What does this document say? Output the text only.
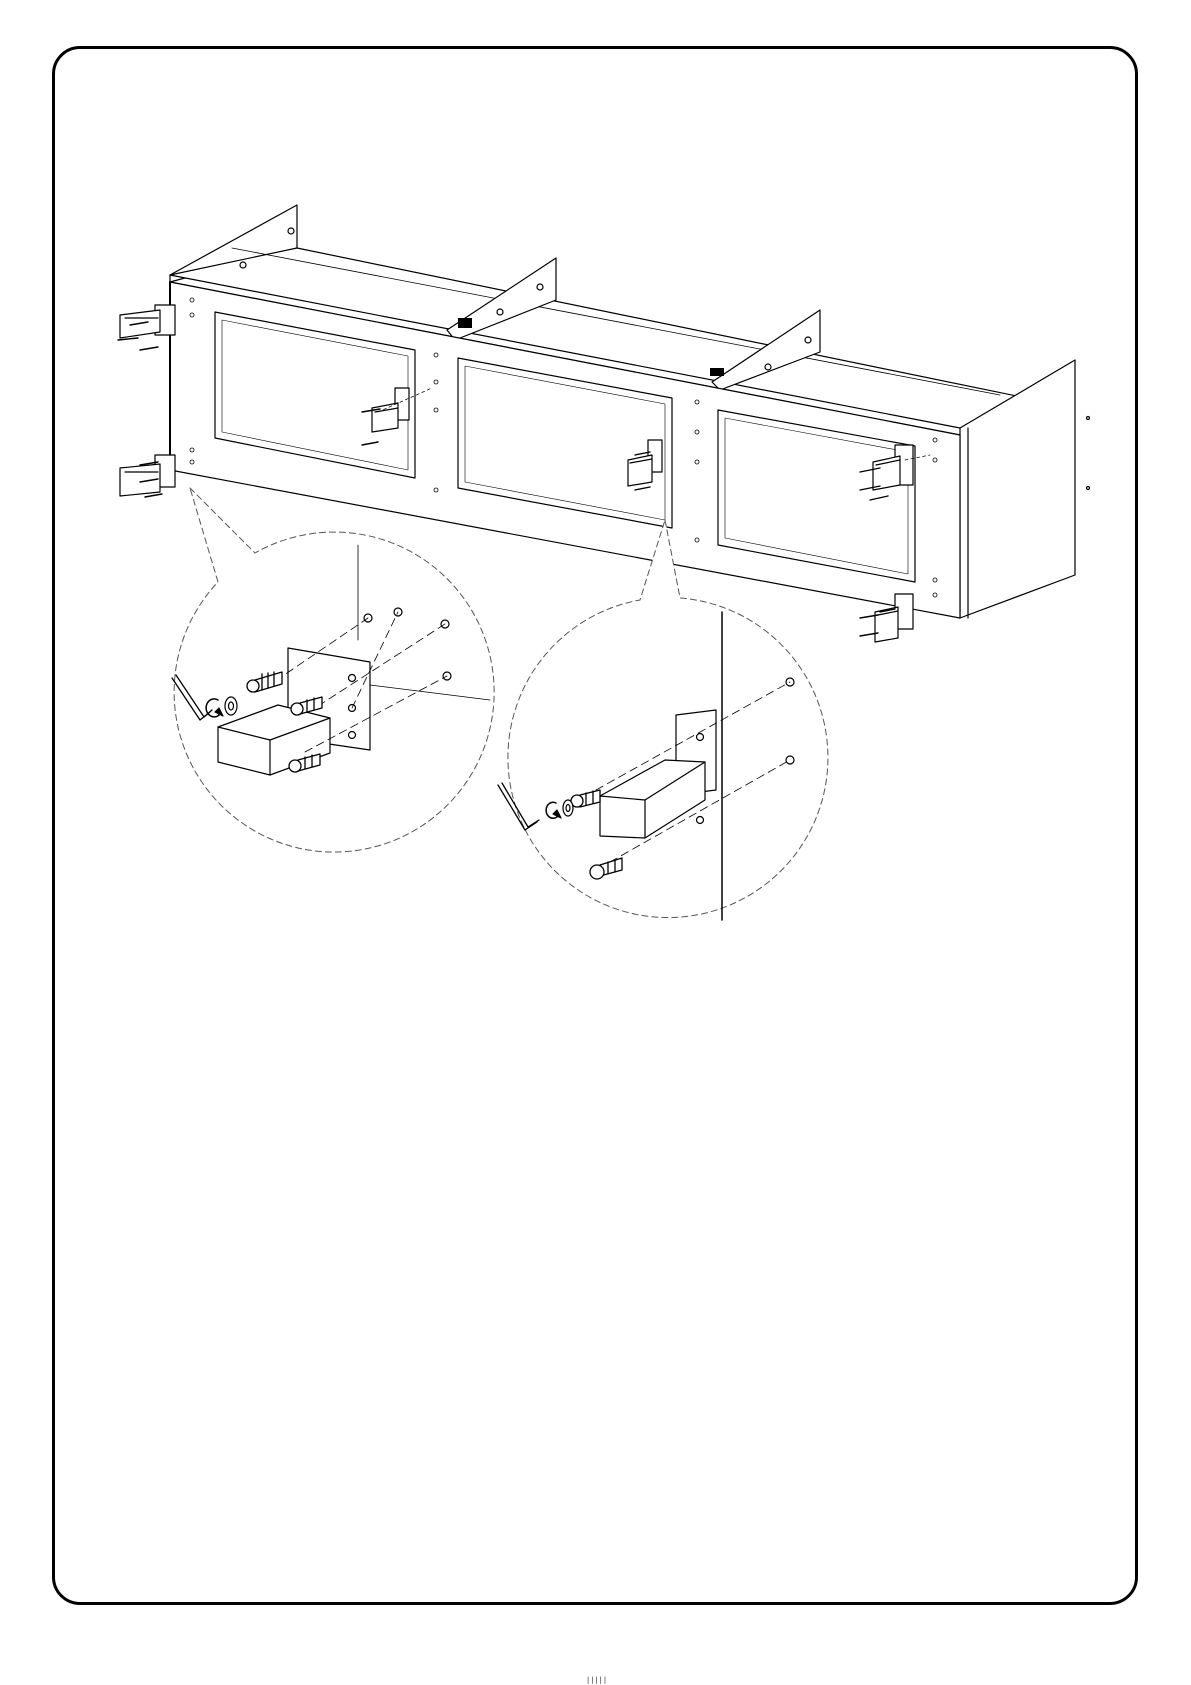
|||||
